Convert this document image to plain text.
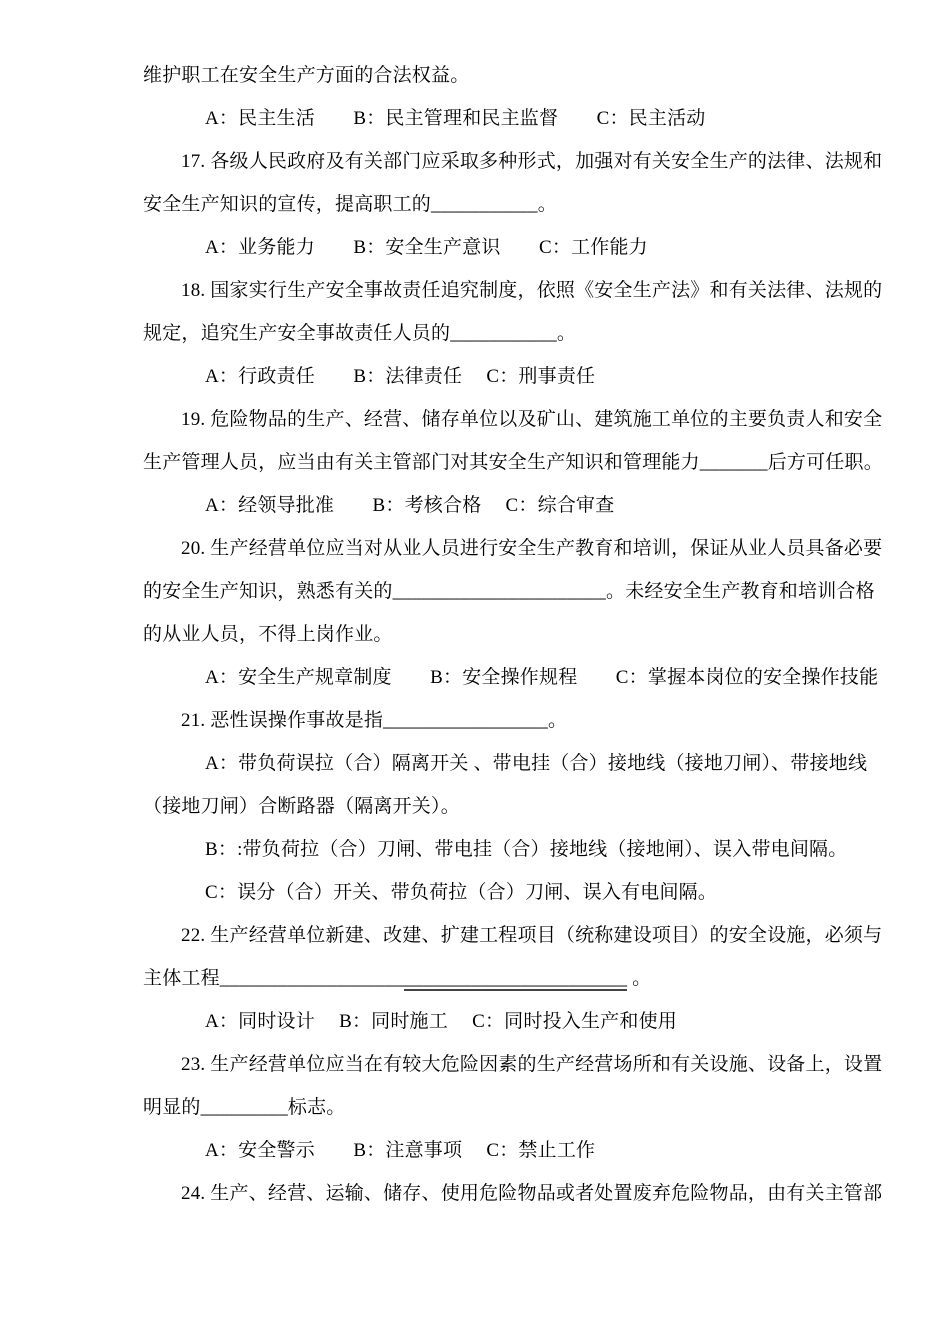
维护职工在安全生产方面的合法权益。
A：民主生活　　B：民主管理和民主监督　　C：民主活动
17. 各级人民政府及有关部门应采取多种形式，加强对有关安全生产的法律、法规和
安全生产知识的宣传，提高职工的___________。
A：业务能力　　B：安全生产意识　　C：工作能力
18. 国家实行生产安全事故责任追究制度，依照《安全生产法》和有关法律、法规的
规定，追究生产安全事故责任人员的___________。
A：行政责任　　B：法律责任　 C：刑事责任
19. 危险物品的生产、经营、储存单位以及矿山、建筑施工单位的主要负责人和安全
生产管理人员，应当由有关主管部门对其安全生产知识和管理能力_______后方可任职。
A：经领导批准　　B：考核合格　 C：综合审查
20. 生产经营单位应当对从业人员进行安全生产教育和培训，保证从业人员具备必要
的安全生产知识，熟悉有关的______________________。未经安全生产教育和培训合格
的从业人员，不得上岗作业。
A：安全生产规章制度　　B：安全操作规程　　C：掌握本岗位的安全操作技能
21. 恶性误操作事故是指_________________。
A：带负荷误拉（合）隔离开关 、带电挂（合）接地线（接地刀闸）、带接地线
（接地刀闸）合断路器（隔离开关）。
B：:带负荷拉（合）刀闸、带电挂（合）接地线（接地闸）、误入带电间隔。
C：误分（合）开关、带负荷拉（合）刀闸、误入有电间隔。
22. 生产经营单位新建、改建、扩建工程项目（统称建设项目）的安全设施，必须与
主体工程__________________________________________ 。
A：同时设计　 B：同时施工　 C：同时投入生产和使用
23. 生产经营单位应当在有较大危险因素的生产经营场所和有关设施、设备上，设置
明显的_________标志。
A：安全警示　　B：注意事项　 C：禁止工作
24. 生产、经营、运输、储存、使用危险物品或者处置废弃危险物品，由有关主管部
